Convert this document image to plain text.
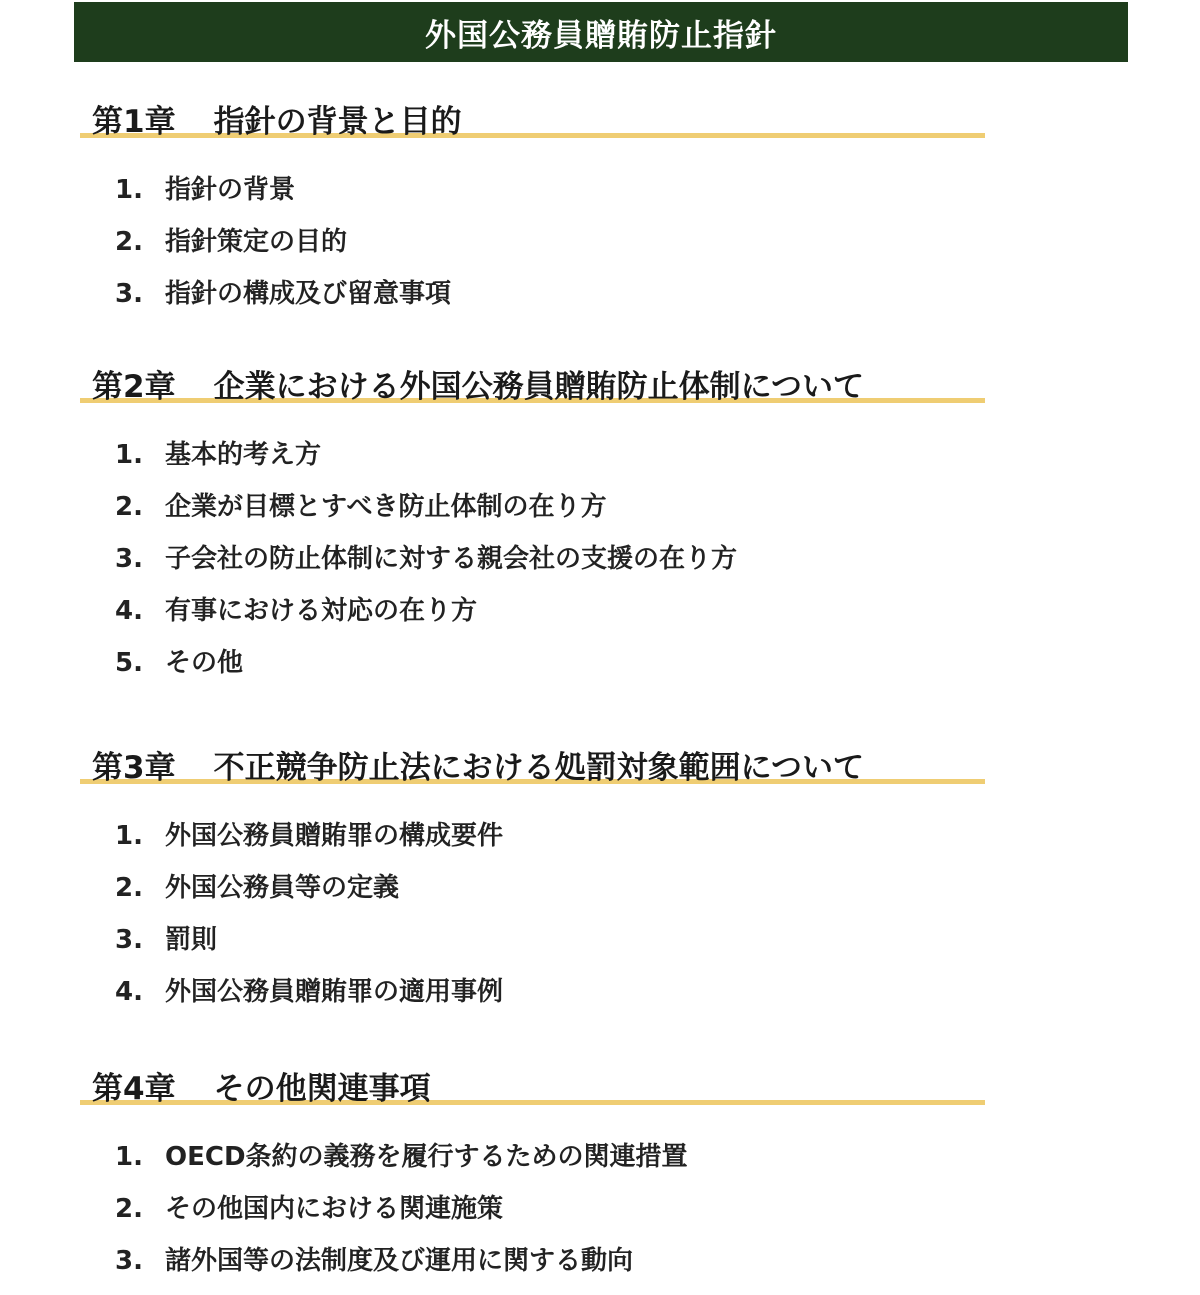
外国公務員贈賄防止指針
第1章 指針の背景と目的
1. 指針の背景
2. 指針策定の目的
3. 指針の構成及び留意事項
第2章 企業における外国公務員贈賄防止体制について
1. 基本的考え方
2. 企業が目標とすべき防止体制の在り方
3. 子会社の防止体制に対する親会社の支援の在り方
4. 有事における対応の在り方
5. その他
第3章 不正競争防止法における処罰対象範囲について
1. 外国公務員贈賄罪の構成要件
2. 外国公務員等の定義
3. 罰則
4. 外国公務員贈賄罪の適用事例
第4章 その他関連事項
1. OECD条約の義務を履行するための関連措置
2. その他国内における関連施策
3. 諸外国等の法制度及び運用に関する動向
